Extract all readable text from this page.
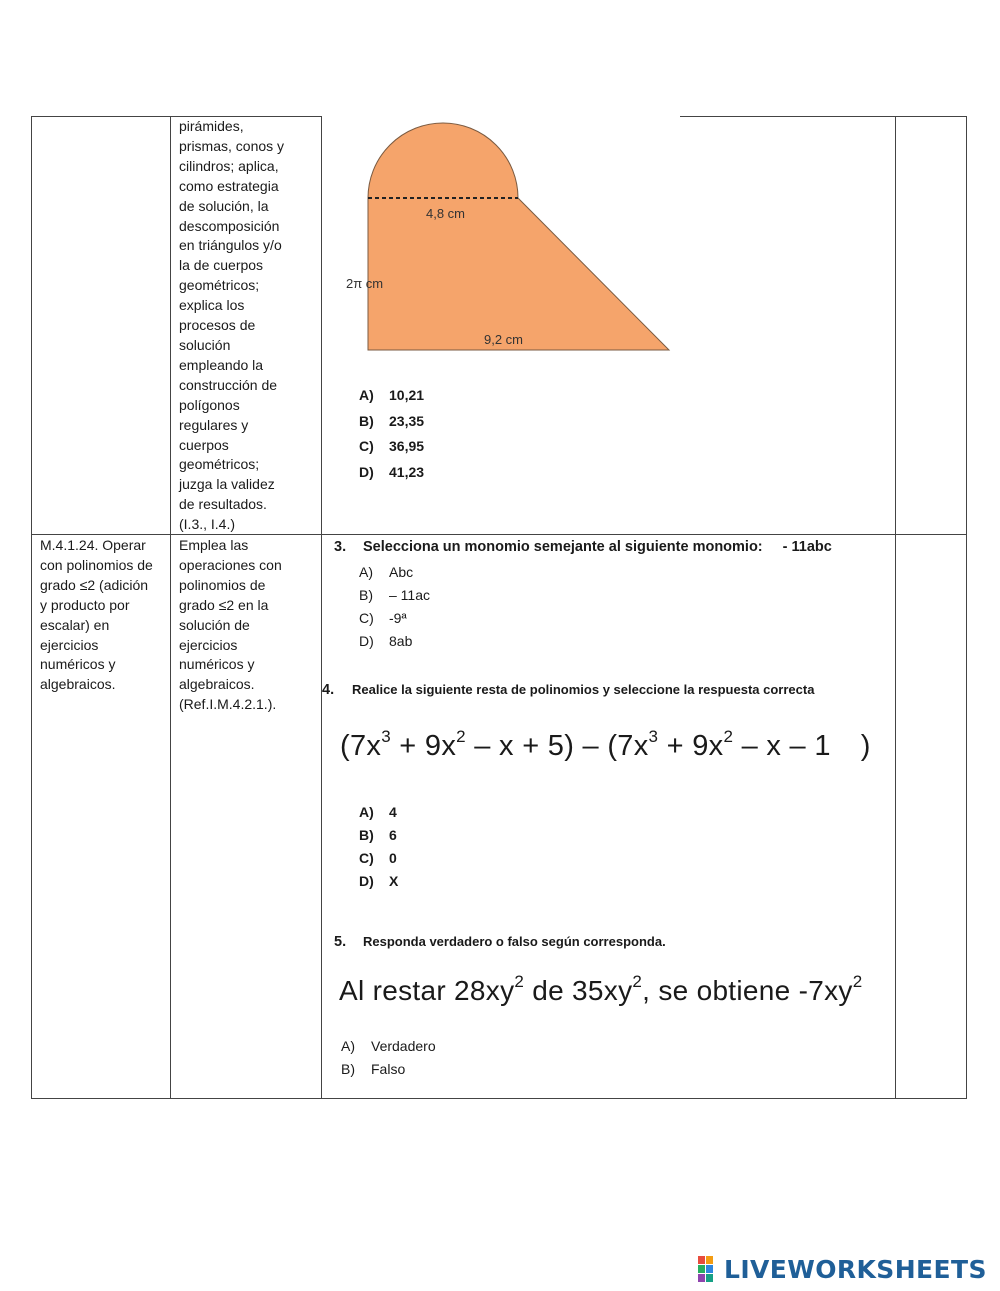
pirámides,
prismas, conos y
cilindros; aplica,
como estrategia
de solución, la
descomposición
en triángulos y/o
la de cuerpos
geométricos;
explica los
procesos de
solución
empleando la
construcción de
polígonos
regulares y
cuerpos
geométricos;
juzga la validez
de resultados.
(I.3., I.4.)
4,8 cm
2π cm
9,2 cm
A) 10,21
B) 23,35
C) 36,95
D) 41,23
M.4.1.24. Operar
con polinomios de
grado ≤2 (adición
y producto por
escalar) en
ejercicios
numéricos y
algebraicos.
Emplea las
operaciones con
polinomios de
grado ≤2 en la
solución de
ejercicios
numéricos y
algebraicos.
(Ref.I.M.4.2.1.).
3. Selecciona un monomio semejante al siguiente monomio: - 11abc
A) Abc
B) – 11ac
C) -9ª
D) 8ab
4. Realice la siguiente resta de polinomios y seleccione la respuesta correcta
$(7x^3 + 9x^2 - x + 5) - (7x^3 + 9x^2 - x - 1$ )
A) 4
B) 6
C) 0
D) X
5. Responda verdadero o falso según corresponda.
Al restar $28xy^2$ de $35xy^2$, se obtiene $-7xy^2$
A) Verdadero
B) Falso
LIVEWORKSHEETS
